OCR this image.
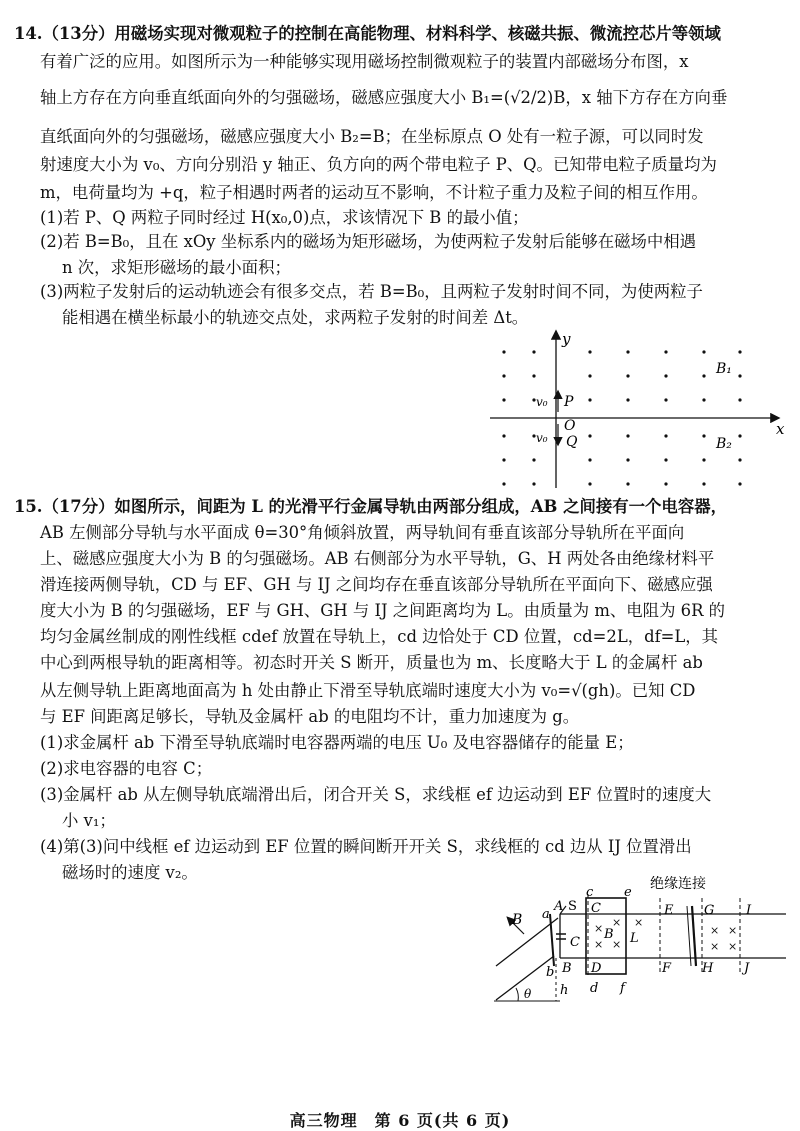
14.（13分）用磁场实现对微观粒子的控制在高能物理、材料科学、核磁共振、微流控芯片等领域
有着广泛的应用。如图所示为一种能够实现用磁场控制微观粒子的装置内部磁场分布图，x
轴上方存在方向垂直纸面向外的匀强磁场，磁感应强度大小 B₁=(√2/2)B，x 轴下方存在方向垂
直纸面向外的匀强磁场，磁感应强度大小 B₂=B；在坐标原点 O 处有一粒子源，可以同时发
射速度大小为 v₀、方向分别沿 y 轴正、负方向的两个带电粒子 P、Q。已知带电粒子质量均为
m，电荷量均为 +q，粒子相遇时两者的运动互不影响，不计粒子重力及粒子间的相互作用。
(1)若 P、Q 两粒子同时经过 H(x₀,0)点，求该情况下 B 的最小值；
(2)若 B=B₀，且在 xOy 坐标系内的磁场为矩形磁场，为使两粒子发射后能够在磁场中相遇
n 次，求矩形磁场的最小面积；
(3)两粒子发射后的运动轨迹会有很多交点，若 B=B₀，且两粒子发射时间不同，为使两粒子
能相遇在横坐标最小的轨迹交点处，求两粒子发射的时间差 Δt。
y
x
B₁
B₂
P
O
Q
v₀
v₀
15.（17分）如图所示，间距为 L 的光滑平行金属导轨由两部分组成，AB 之间接有一个电容器，
AB 左侧部分导轨与水平面成 θ=30°角倾斜放置，两导轨间有垂直该部分导轨所在平面向
上、磁感应强度大小为 B 的匀强磁场。AB 右侧部分为水平导轨，G、H 两处各由绝缘材料平
滑连接两侧导轨，CD 与 EF、GH 与 IJ 之间均存在垂直该部分导轨所在平面向下、磁感应强
度大小为 B 的匀强磁场，EF 与 GH、GH 与 IJ 之间距离均为 L。由质量为 m、电阻为 6R 的
均匀金属丝制成的刚性线框 cdef 放置在导轨上，cd 边恰处于 CD 位置，cd=2L，df=L，其
中心到两根导轨的距离相等。初态时开关 S 断开，质量也为 m、长度略大于 L 的金属杆 ab
从左侧导轨上距离地面高为 h 处由静止下滑至导轨底端时速度大小为 v₀=√(gh)。已知 CD
与 EF 间距离足够长，导轨及金属杆 ab 的电阻均不计，重力加速度为 g。
(1)求金属杆 ab 下滑至导轨底端时电容器两端的电压 U₀ 及电容器储存的能量 E；
(2)求电容器的电容 C；
(3)金属杆 ab 从左侧导轨底端滑出后，闭合开关 S，求线框 ef 边运动到 EF 位置时的速度大
小 v₁；
(4)第(3)问中线框 ef 边运动到 EF 位置的瞬间断开开关 S，求线框的 cd 边从 IJ 位置滑出
磁场时的速度 v₂。
× ×
× ×
×
× ×
× ×
绝缘连接
B a
b
A S
c e
C
C	E G I
B L
B D	F H J
d f
h
θ
高三物理　第 6 页(共 6 页)
